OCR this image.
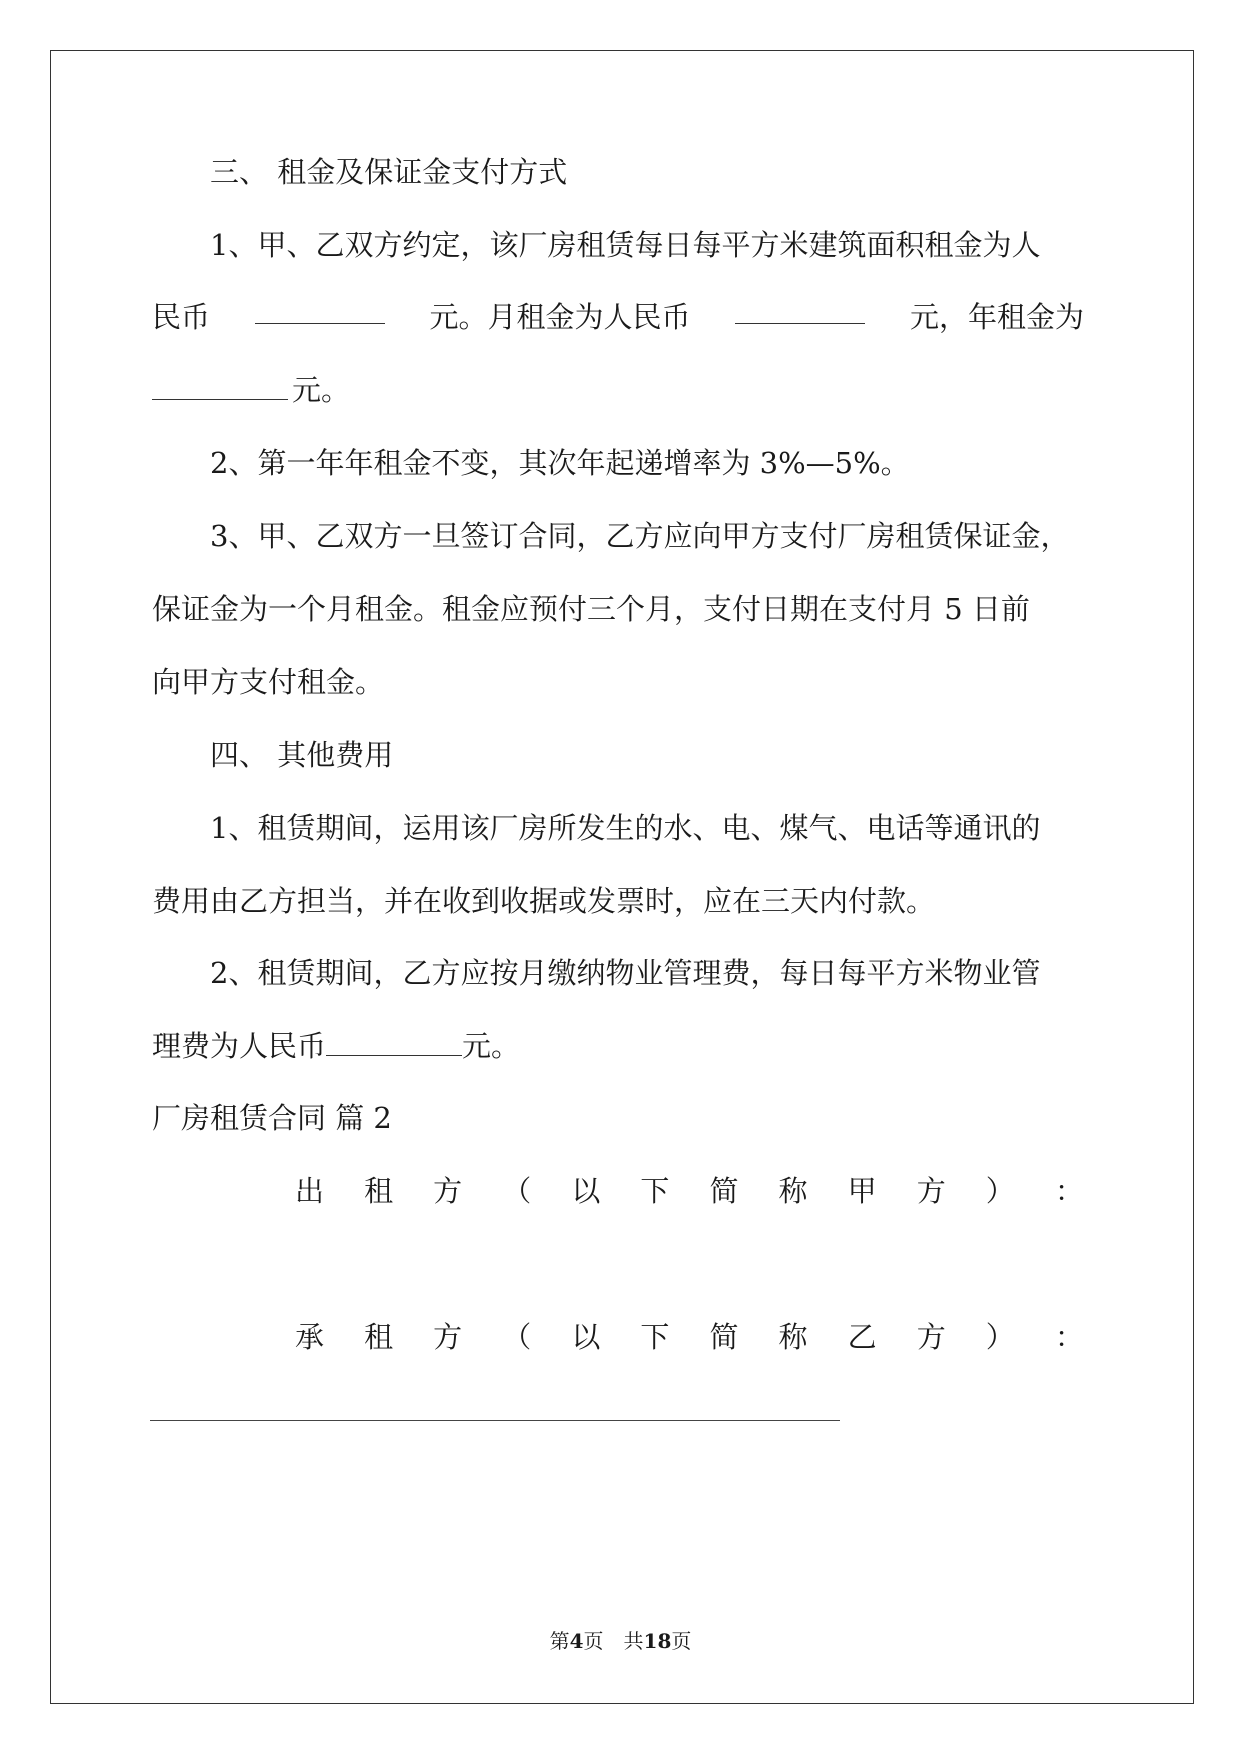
三、 租金及保证金支付方式
1、甲、乙双方约定，该厂房租赁每日每平方米建筑面积租金为人
民币	元。月租金为人民币	元，年租金为
元。
2、第一年年租金不变，其次年起递增率为 3%—5%。
3、甲、乙双方一旦签订合同，乙方应向甲方支付厂房租赁保证金，
保证金为一个月租金。租金应预付三个月，支付日期在支付月 5 日前
向甲方支付租金。
四、 其他费用
1、租赁期间，运用该厂房所发生的水、电、煤气、电话等通讯的
费用由乙方担当，并在收到收据或发票时，应在三天内付款。
2、租赁期间，乙方应按月缴纳物业管理费，每日每平方米物业管
理费为人民币	元。
厂房租赁合同 篇 2
出 租 方 （ 以 下 简 称 甲 方 ） ：
承 租 方 （ 以 下 简 称 乙 方 ） ：
第4页　共18页
